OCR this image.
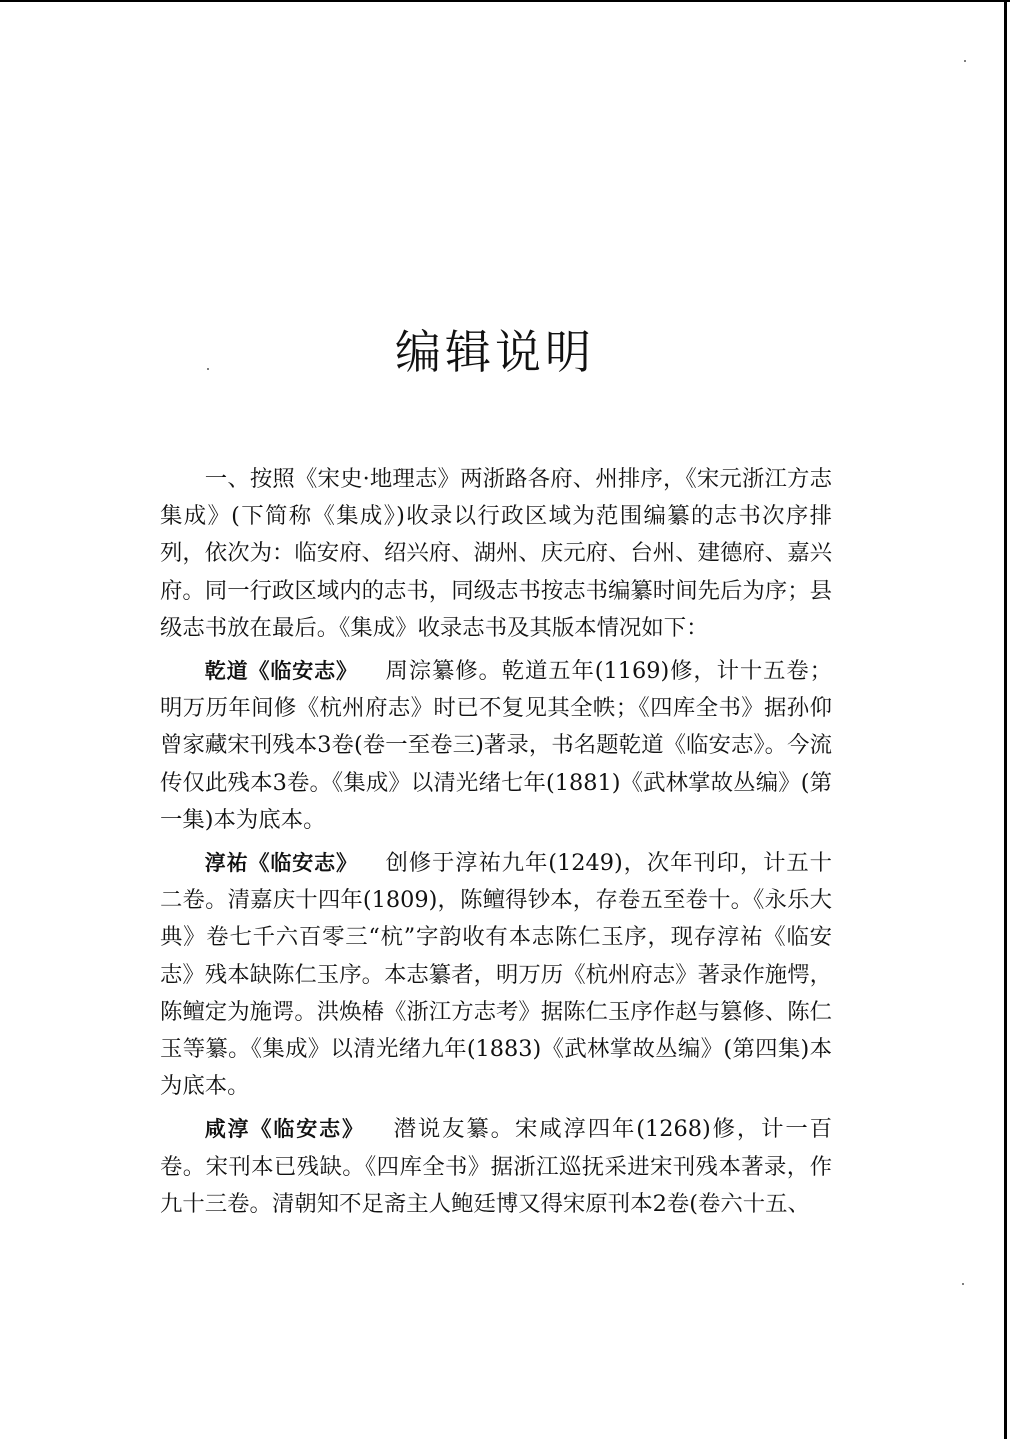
编辑说明

一、按照《宋史·地理志》两浙路各府、州排序，《宋元浙江方志集成》(下简称《集成》)收录以行政区域为范围编纂的志书次序排列，依次为：临安府、绍兴府、湖州、庆元府、台州、建德府、嘉兴府。同一行政区域内的志书，同级志书按志书编纂时间先后为序；县级志书放在最后。《集成》收录志书及其版本情况如下：

乾道《临安志》 周淙纂修。乾道五年(1169)修，计十五卷；明万历年间修《杭州府志》时已不复见其全帙；《四库全书》据孙仰曾家藏宋刊残本3卷(卷一至卷三)著录，书名题乾道《临安志》。今流传仅此残本3卷。《集成》以清光绪七年(1881)《武林掌故丛编》(第一集)本为底本。

淳祐《临安志》 创修于淳祐九年(1249)，次年刊印，计五十二卷。清嘉庆十四年(1809)，陈鳣得钞本，存卷五至卷十。《永乐大典》卷七千六百零三“杭”字韵收有本志陈仁玉序，现存淳祐《临安志》残本缺陈仁玉序。本志纂者，明万历《杭州府志》著录作施愕，陈鳣定为施谔。洪焕椿《浙江方志考》据陈仁玉序作赵与篡修、陈仁玉等纂。《集成》以清光绪九年(1883)《武林掌故丛编》(第四集)本为底本。

咸淳《临安志》 潜说友纂。宋咸淳四年(1268)修，计一百卷。宋刊本已残缺。《四库全书》据浙江巡抚采进宋刊残本著录，作九十三卷。清朝知不足斋主人鲍廷博又得宋原刊本2卷(卷六十五、
